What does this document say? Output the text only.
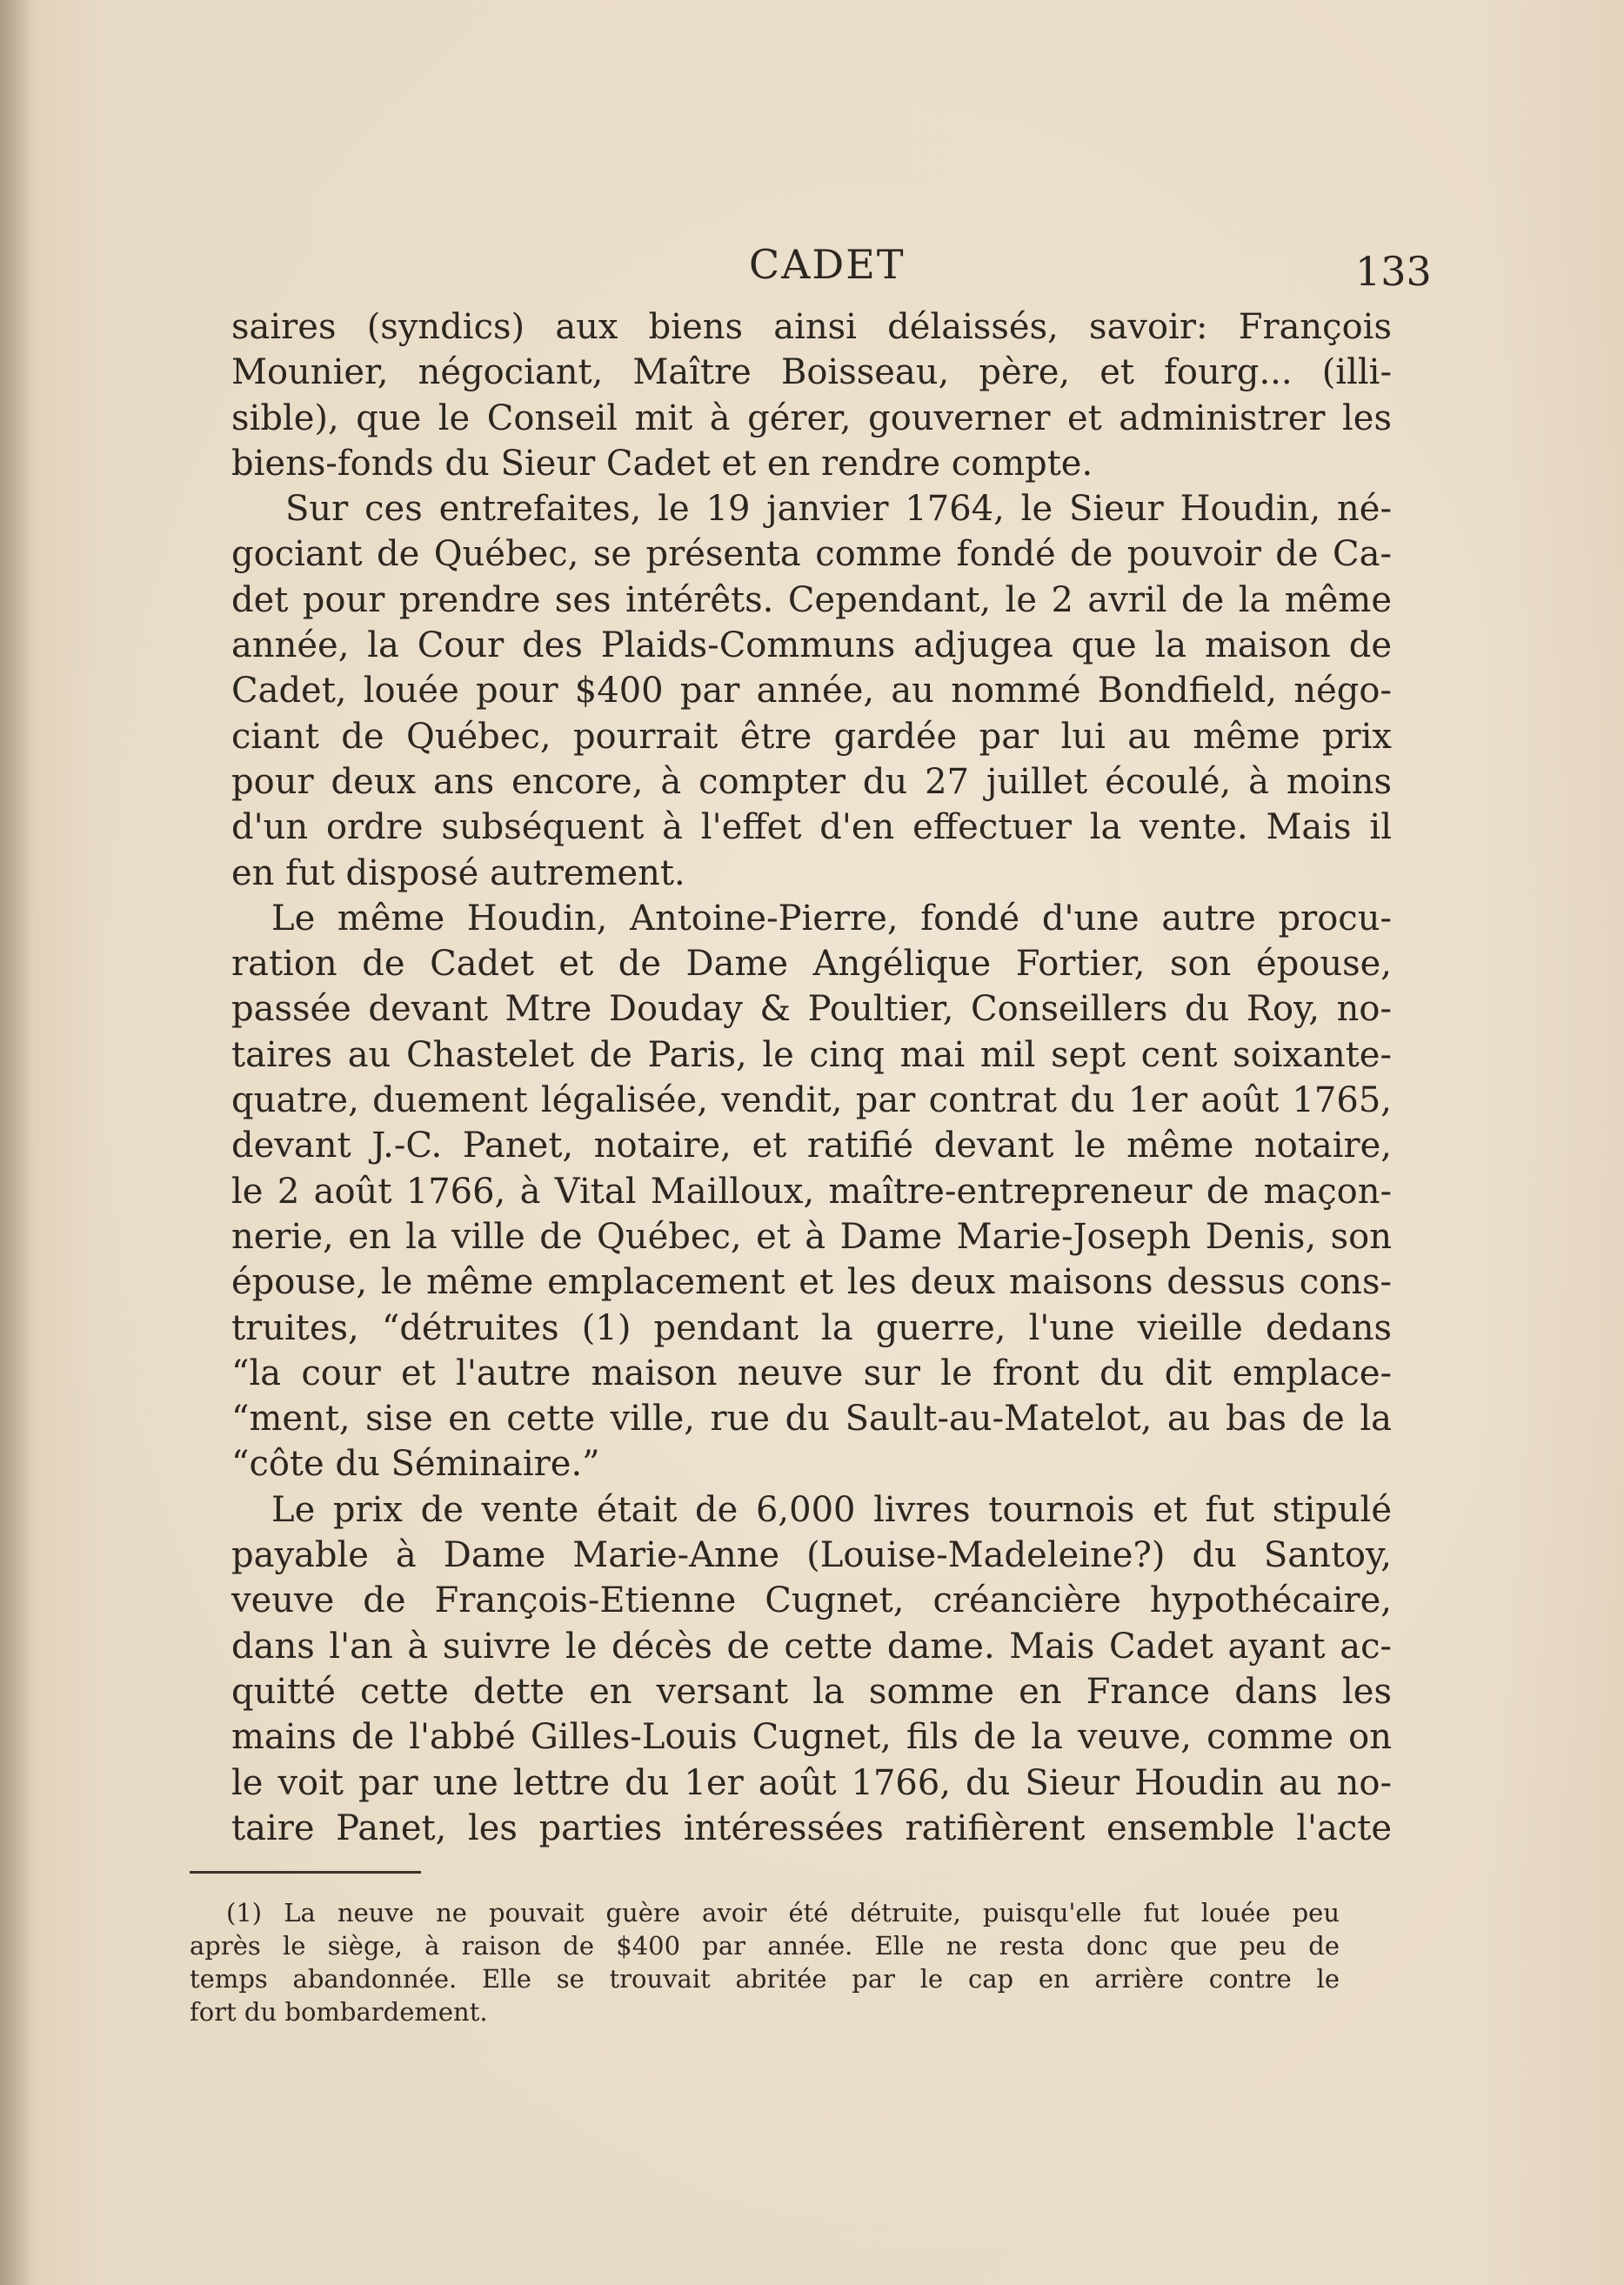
CADET	133
saires (syndics) aux biens ainsi délaissés, savoir: François
Mounier, négociant, Maître Boisseau, père, et fourg... (illi-
sible), que le Conseil mit à gérer, gouverner et administrer les
biens-fonds du Sieur Cadet et en rendre compte.
Sur ces entrefaites, le 19 janvier 1764, le Sieur Houdin, né-
gociant de Québec, se présenta comme fondé de pouvoir de Ca-
det pour prendre ses intérêts. Cependant, le 2 avril de la même
année, la Cour des Plaids-Communs adjugea que la maison de
Cadet, louée pour $400 par année, au nommé Bondfield, négo-
ciant de Québec, pourrait être gardée par lui au même prix
pour deux ans encore, à compter du 27 juillet écoulé, à moins
d'un ordre subséquent à l'effet d'en effectuer la vente. Mais il
en fut disposé autrement.
Le même Houdin, Antoine-Pierre, fondé d'une autre procu-
ration de Cadet et de Dame Angélique Fortier, son épouse,
passée devant Mtre Douday & Poultier, Conseillers du Roy, no-
taires au Chastelet de Paris, le cinq mai mil sept cent soixante-
quatre, duement légalisée, vendit, par contrat du 1er août 1765,
devant J.-C. Panet, notaire, et ratifié devant le même notaire,
le 2 août 1766, à Vital Mailloux, maître-entrepreneur de maçon-
nerie, en la ville de Québec, et à Dame Marie-Joseph Denis, son
épouse, le même emplacement et les deux maisons dessus cons-
truites, “détruites (1) pendant la guerre, l'une vieille dedans
“la cour et l'autre maison neuve sur le front du dit emplace-
“ment, sise en cette ville, rue du Sault-au-Matelot, au bas de la
“côte du Séminaire.”
Le prix de vente était de 6,000 livres tournois et fut stipulé
payable à Dame Marie-Anne (Louise-Madeleine?) du Santoy,
veuve de François-Etienne Cugnet, créancière hypothécaire,
dans l'an à suivre le décès de cette dame. Mais Cadet ayant ac-
quitté cette dette en versant la somme en France dans les
mains de l'abbé Gilles-Louis Cugnet, fils de la veuve, comme on
le voit par une lettre du 1er août 1766, du Sieur Houdin au no-
taire Panet, les parties intéressées ratifièrent ensemble l'acte
(1) La neuve ne pouvait guère avoir été détruite, puisqu'elle fut louée peu
après le siège, à raison de $400 par année. Elle ne resta donc que peu de
temps abandonnée. Elle se trouvait abritée par le cap en arrière contre le
fort du bombardement.
